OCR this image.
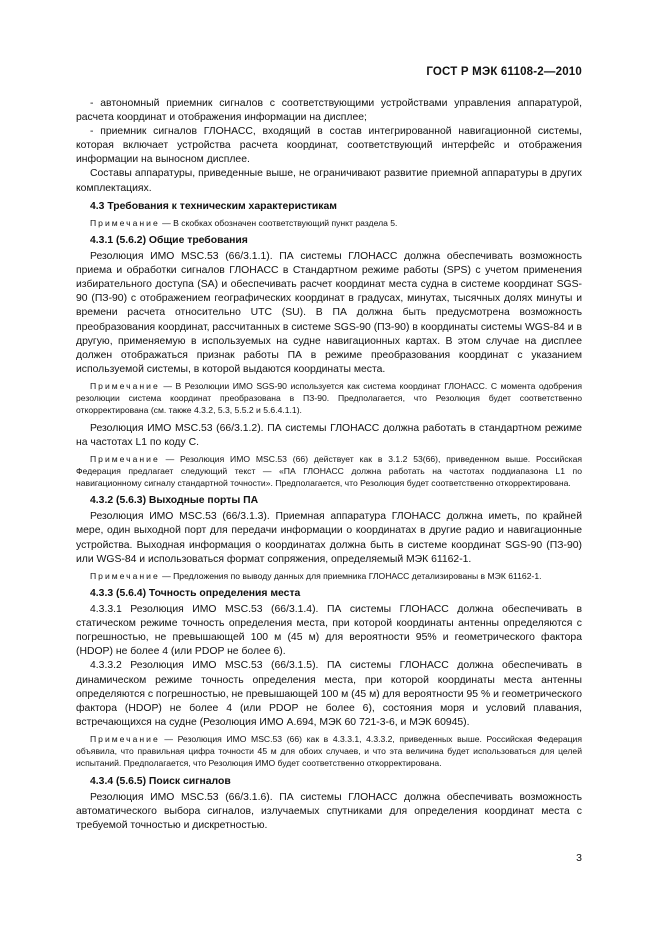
ГОСТ Р МЭК 61108-2—2010

- автономный приемник сигналов с соответствующими устройствами управления аппаратурой, расчета координат и отображения информации на дисплее;

- приемник сигналов ГЛОНАСС, входящий в состав интегрированной навигационной системы, которая включает устройства расчета координат, соответствующий интерфейс и отображения информации на выносном дисплее.

Составы аппаратуры, приведенные выше, не ограничивают развитие приемной аппаратуры в других комплектациях.

4.3 Требования к техническим характеристикам

Примечание — В скобках обозначен соответствующий пункт раздела 5.

4.3.1 (5.6.2) Общие требования

Резолюция ИМО MSC.53 (66/3.1.1). ПА системы ГЛОНАСС должна обеспечивать возможность приема и обработки сигналов ГЛОНАСС в Стандартном режиме работы (SPS) с учетом применения избирательного доступа (SA) и обеспечивать расчет координат места судна в системе координат SGS-90 (ПЗ-90) с отображением географических координат в градусах, минутах, тысячных долях минуты и времени расчета относительно UTC (SU). В ПА должна быть предусмотрена возможность преобразования координат, рассчитанных в системе SGS-90 (ПЗ-90) в координаты системы WGS-84 и в другую, применяемую в используемых на судне навигационных картах. В этом случае на дисплее должен отображаться признак работы ПА в режиме преобразования координат с указанием используемой системы, в которой выдаются координаты места.

Примечание — В Резолюции ИМО SGS-90 используется как система координат ГЛОНАСС. С момента одобрения резолюции система координат преобразована в ПЗ-90. Предполагается, что Резолюция будет соответственно откорректирована (см. также 4.3.2, 5.3, 5.5.2 и 5.6.4.1.1).

Резолюция ИМО MSC.53 (66/3.1.2). ПА системы ГЛОНАСС должна работать в стандартном режиме на частотах L1 по коду С.

Примечание — Резолюция ИМО MSC.53 (66) действует как в 3.1.2 53(66), приведенном выше. Российская Федерация предлагает следующий текст — «ПА ГЛОНАСС должна работать на частотах поддиапазона L1 по навигационному сигналу стандартной точности». Предполагается, что Резолюция будет соответственно откорректирована.

4.3.2 (5.6.3) Выходные порты ПА

Резолюция ИМО MSC.53 (66/3.1.3). Приемная аппаратура ГЛОНАСС должна иметь, по крайней мере, один выходной порт для передачи информации о координатах в другие радио и навигационные устройства. Выходная информация о координатах должна быть в системе координат SGS-90 (ПЗ-90) или WGS-84 и использоваться формат сопряжения, определяемый МЭК 61162-1.

Примечание — Предложения по выводу данных для приемника ГЛОНАСС детализированы в МЭК 61162-1.

4.3.3 (5.6.4) Точность определения места

4.3.3.1 Резолюция ИМО MSC.53 (66/3.1.4). ПА системы ГЛОНАСС должна обеспечивать в статическом режиме точность определения места, при которой координаты антенны определяются с погрешностью, не превышающей 100 м (45 м) для вероятности 95% и геометрического фактора (HDOP) не более 4 (или PDOP не более 6).

4.3.3.2 Резолюция ИМО MSC.53 (66/3.1.5). ПА системы ГЛОНАСС должна обеспечивать в динамическом режиме точность определения места, при которой координаты места антенны определяются с погрешностью, не превышающей 100 м (45 м) для вероятности 95 % и геометрического фактора (HDOP) не более 4 (или PDOP не более 6), состояния моря и условий плавания, встречающихся на судне (Резолюция ИМО А.694, МЭК 60 721-3-6, и МЭК 60945).

Примечание — Резолюция ИМО MSC.53 (66) как в 4.3.3.1, 4.3.3.2, приведенных выше. Российская Федерация объявила, что правильная цифра точности 45 м для обоих случаев, и что эта величина будет использоваться для целей испытаний. Предполагается, что Резолюция ИМО будет соответственно откорректирована.

4.3.4 (5.6.5) Поиск сигналов

Резолюция ИМО MSC.53 (66/3.1.6). ПА системы ГЛОНАСС должна обеспечивать возможность автоматического выбора сигналов, излучаемых спутниками для определения координат места с требуемой точностью и дискретностью.

3
